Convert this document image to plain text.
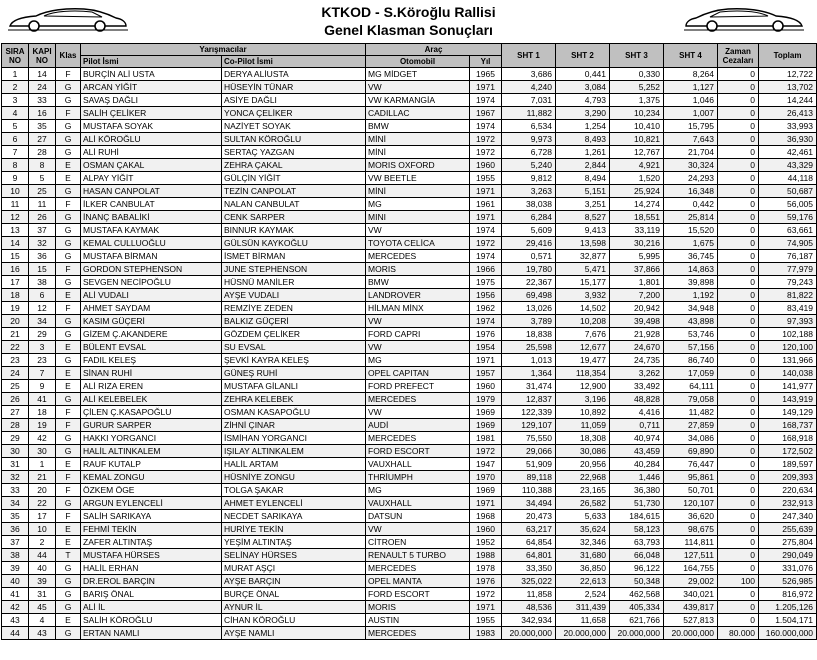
KTKOD - S.Köroğlu Rallisi
Genel Klasman Sonuçları
SIRA NO	KAPI NO	Klas	Yarışmacılar		Araç		SHT 1	SHT 2	SHT 3	SHT 4	Zaman Cezaları	Toplam
			Pilot İsmi	Co-Pilot İsmi	Otomobil	Yıl						
1	14	F	BURÇİN ALİ USTA	DERYA ALİUSTA	MG MİDGET	1965	3,686	0,441	0,330	8,264	0	12,722
2	24	G	ARCAN YİĞİT	HÜSEYİN TÜNAR	VW	1971	4,240	3,084	5,252	1,127	0	13,702
3	33	G	SAVAŞ DAĞLI	ASİYE DAĞLI	VW KARMANGİA	1974	7,031	4,793	1,375	1,046	0	14,244
4	16	F	SALİH ÇELİKER	YONCA ÇELİKER	CADILLAC	1967	11,882	3,290	10,234	1,007	0	26,413
5	35	G	MUSTAFA SOYAK	NAZİYET SOYAK	BMW	1974	6,534	1,254	10,410	15,795	0	33,993
6	27	G	ALİ KÖROĞLU	SULTAN KÖROĞLU	MİNİ	1972	9,973	8,493	10,821	7,643	0	36,930
7	28	G	ALİ RUHİ	SERTAÇ YAZGAN	MİNİ	1972	6,728	1,261	12,767	21,704	0	42,461
8	8	E	OSMAN ÇAKAL	ZEHRA ÇAKAL	MORIS OXFORD	1960	5,240	2,844	4,921	30,324	0	43,329
9	5	E	ALPAY YİĞİT	GÜLÇİN YİĞİT	VW BEETLE	1955	9,812	8,494	1,520	24,293	0	44,118
10	25	G	HASAN CANPOLAT	TEZİN CANPOLAT	MİNİ	1971	3,263	5,151	25,924	16,348	0	50,687
11	11	F	İLKER CANBULAT	NALAN CANBULAT	MG	1961	38,038	3,251	14,274	0,442	0	56,005
12	26	G	İNANÇ BABALİKİ	CENK SARPER	MINI	1971	6,284	8,527	18,551	25,814	0	59,176
13	37	G	MUSTAFA KAYMAK	BINNUR KAYMAK	VW	1974	5,609	9,413	33,119	15,520	0	63,661
14	32	G	KEMAL CULLUOĞLU	GÜLSÜN KAYKOĞLU	TOYOTA CELİCA	1972	29,416	13,598	30,216	1,675	0	74,905
15	36	G	MUSTAFA BİRMAN	İSMET BİRMAN	MERCEDES	1974	0,571	32,877	5,995	36,745	0	76,187
16	15	F	GORDON STEPHENSON	JUNE STEPHENSON	MORIS	1966	19,780	5,471	37,866	14,863	0	77,979
17	38	G	SEVGEN NECİPOĞLU	HÜSNÜ MANİLER	BMW	1975	22,367	15,177	1,801	39,898	0	79,243
18	6	E	ALİ VUDALI	AYŞE VUDALI	LANDROVER	1956	69,498	3,932	7,200	1,192	0	81,822
19	12	F	AHMET SAYDAM	REMZİYE ZEDEN	HİLMAN MİNX	1962	13,026	14,502	20,942	34,948	0	83,419
20	34	G	KASIM GÜÇERİ	BALKIZ GÜÇERİ	VW	1974	3,789	10,208	39,498	43,898	0	97,393
21	29	G	GİZEM Ç.AKANDERE	GÖZDEM ÇELİKER	FORD CAPRI	1976	18,838	7,676	21,928	53,746	0	102,188
22	3	E	BÜLENT EVSAL	SU EVSAL	VW	1954	25,598	12,677	24,670	57,156	0	120,100
23	23	G	FADIL KELEŞ	ŞEVKİ KAYRA KELEŞ	MG	1971	1,013	19,477	24,735	86,740	0	131,966
24	7	E	SİNAN RUHİ	GÜNEŞ RUHİ	OPEL CAPITAN	1957	1,364	118,354	3,262	17,059	0	140,038
25	9	E	ALİ RIZA EREN	MUSTAFA GİLANLI	FORD PREFECT	1960	31,474	12,900	33,492	64,111	0	141,977
26	41	G	ALİ KELEBELEK	ZEHRA KELEBEK	MERCEDES	1979	12,837	3,196	48,828	79,058	0	143,919
27	18	F	ÇİLEN Ç.KASAPOĞLU	OSMAN KASAPOĞLU	VW	1969	122,339	10,892	4,416	11,482	0	149,129
28	19	F	GURUR SARPER	ZİHNİ ÇINAR	AUDİ	1969	129,107	11,059	0,711	27,859	0	168,737
29	42	G	HAKKI YORGANCI	İSMİHAN YORGANCI	MERCEDES	1981	75,550	18,308	40,974	34,086	0	168,918
30	30	G	HALİL ALTINKALEM	IŞILAY ALTINKALEM	FORD ESCORT	1972	29,066	30,086	43,459	69,890	0	172,502
31	1	E	RAUF KUTALP	HALİL ARTAM	VAUXHALL	1947	51,909	20,956	40,284	76,447	0	189,597
32	21	F	KEMAL ZONGU	HÜSNİYE ZONGU	THRİUMPH	1970	89,118	22,968	1,446	95,861	0	209,393
33	20	F	ÖZKEM ÖGE	TOLGA ŞAKAR	MG	1969	110,388	23,165	36,380	50,701	0	220,634
34	22	G	ARGUN EYLENCELİ	AHMET EYLENCELİ	VAUXHALL	1971	34,494	26,582	51,730	120,107	0	232,913
35	17	F	SALİH SARIKAYA	NECDET SARIKAYA	DATSUN	1968	20,473	5,633	184,615	36,620	0	247,340
36	10	E	FEHMİ TEKİN	HURİYE TEKİN	VW	1960	63,217	35,624	58,123	98,675	0	255,639
37	2	E	ZAFER ALTINTAŞ	YEŞİM ALTINTAŞ	CİTROEN	1952	64,854	32,346	63,793	114,811	0	275,804
38	44	T	MUSTAFA HÜRSES	SELİNAY HÜRSES	RENAULT 5 TURBO	1988	64,801	31,680	66,048	127,511	0	290,049
39	40	G	HALİL ERHAN	MURAT AŞÇI	MERCEDES	1978	33,350	36,850	96,122	164,755	0	331,076
40	39	G	DR.EROL BARÇIN	AYŞE BARÇIN	OPEL MANTA	1976	325,022	22,613	50,348	29,002	100	526,985
41	31	G	BARIŞ ÖNAL	BURÇE ÖNAL	FORD ESCORT	1972	11,858	2,524	462,568	340,021	0	816,972
42	45	G	ALİ İL	AYNUR İL	MORIS	1971	48,536	311,439	405,334	439,817	0	1.205,126
43	4	E	SALİH KÖROĞLU	CİHAN KÖROĞLU	AUSTIN	1955	342,934	11,658	621,766	527,813	0	1.504,171
44	43	G	ERTAN NAMLI	AYŞE NAMLI	MERCEDES	1983	20.000,000	20.000,000	20.000,000	20.000,000	80.000	160.000,000
